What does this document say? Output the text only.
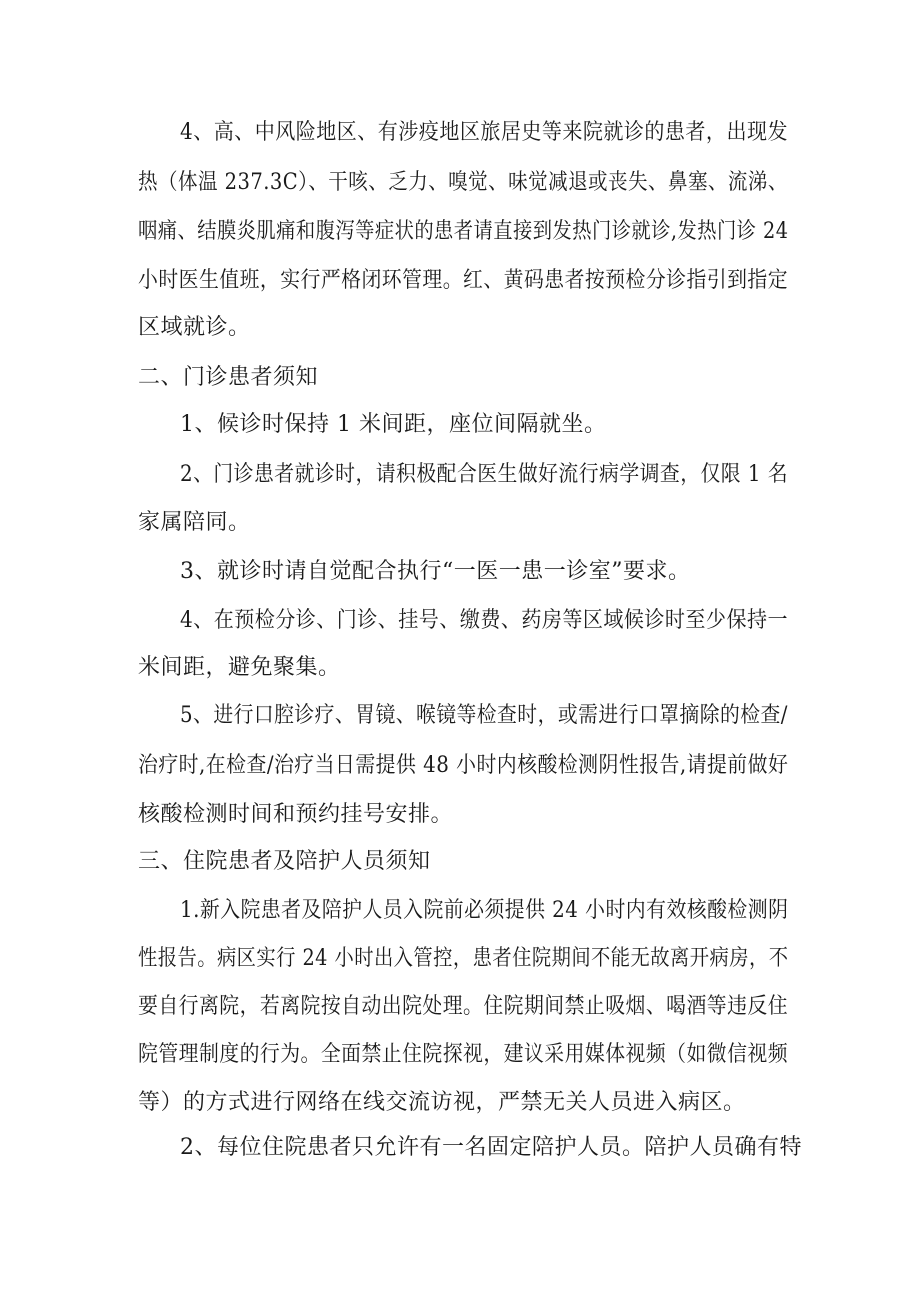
4、高、中风险地区、有涉疫地区旅居史等来院就诊的患者，出现发

热（体温 237.3C）、干咳、乏力、嗅觉、味觉减退或丧失、鼻塞、流涕、

咽痛、结膜炎肌痛和腹泻等症状的患者请直接到发热门诊就诊,发热门诊 24

小时医生值班，实行严格闭环管理。红、黄码患者按预检分诊指引到指定

区域就诊。

二、门诊患者须知

1、候诊时保持 1 米间距，座位间隔就坐。

2、门诊患者就诊时，请积极配合医生做好流行病学调查，仅限 1 名

家属陪同。

3、就诊时请自觉配合执行“一医一患一诊室”要求。

4、在预检分诊、门诊、挂号、缴费、药房等区域候诊时至少保持一

米间距，避免聚集。

5、进行口腔诊疗、胃镜、喉镜等检查时，或需进行口罩摘除的检查/

治疗时,在检查/治疗当日需提供 48 小时内核酸检测阴性报告,请提前做好

核酸检测时间和预约挂号安排。

三、住院患者及陪护人员须知

1.新入院患者及陪护人员入院前必须提供 24 小时内有效核酸检测阴

性报告。病区实行 24 小时出入管控，患者住院期间不能无故离开病房，不

要自行离院，若离院按自动出院处理。住院期间禁止吸烟、喝酒等违反住

院管理制度的行为。全面禁止住院探视，建议采用媒体视频（如微信视频

等）的方式进行网络在线交流访视，严禁无关人员进入病区。

2、每位住院患者只允许有一名固定陪护人员。陪护人员确有特
